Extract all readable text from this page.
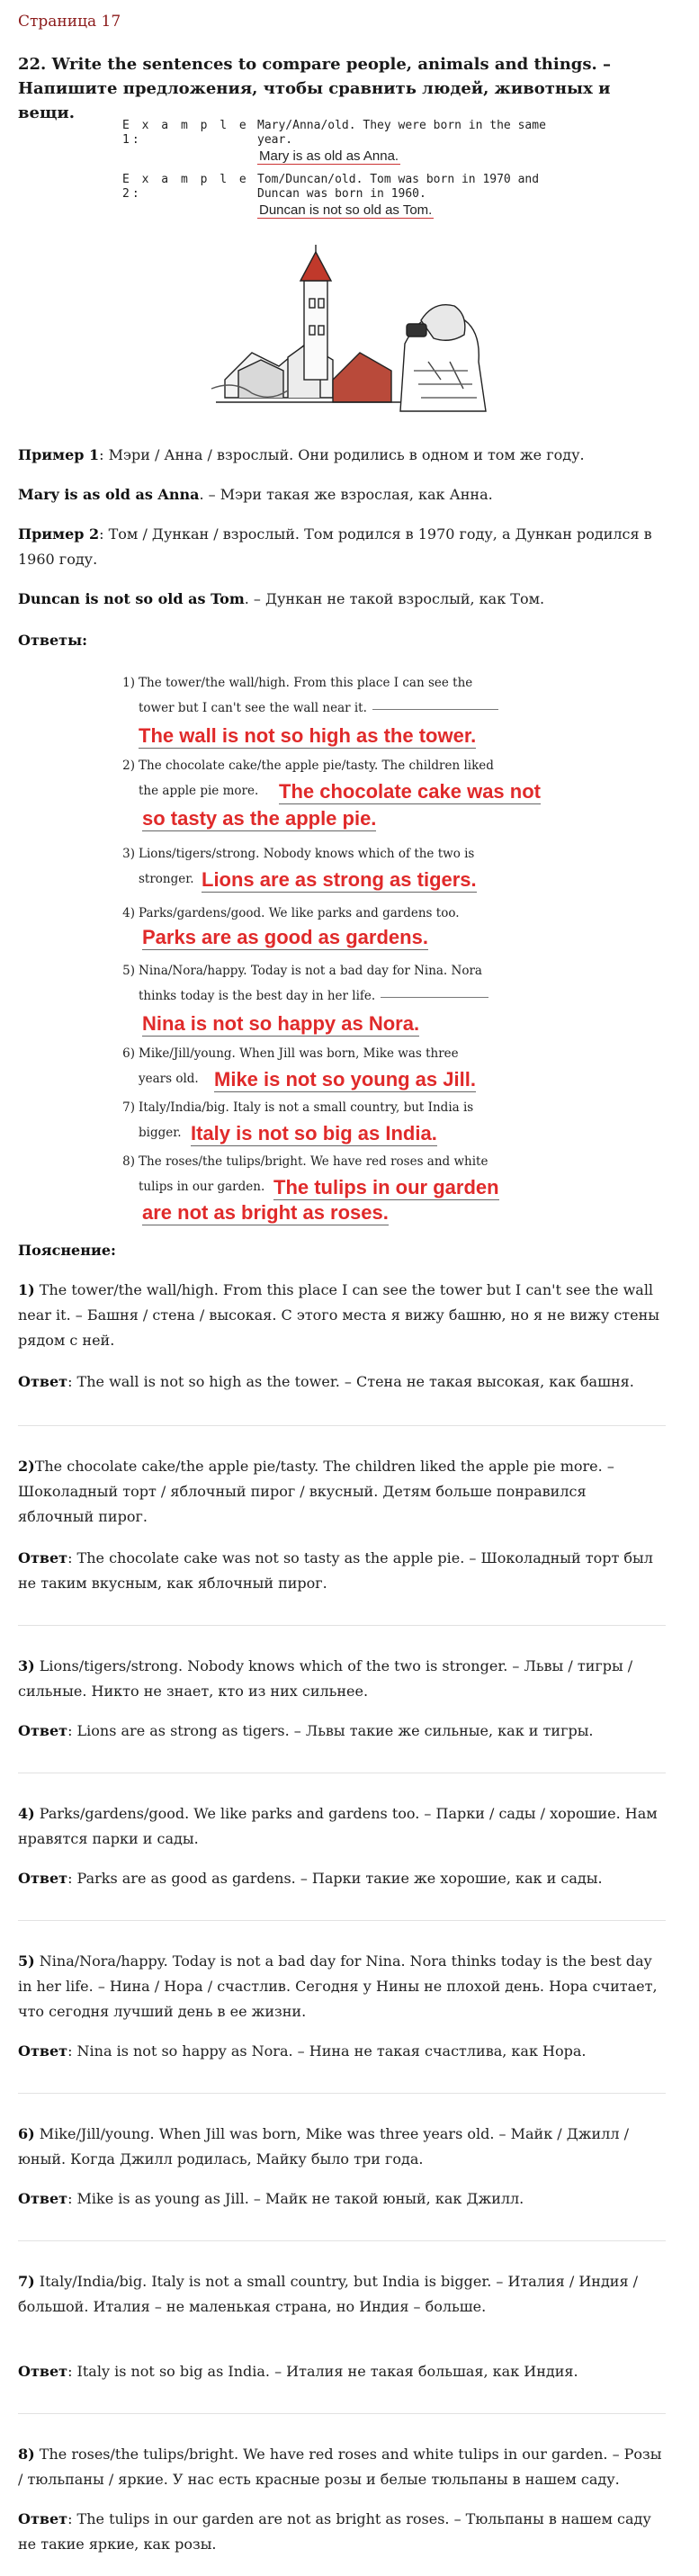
Страница 17
22. Write the sentences to compare people, animals and things. – Напишите предложения, чтобы сравнить людей, животных и вещи.
E x a m p l e 1:Mary/Anna/old. They were born in the same year.
Mary is as old as Anna.
E x a m p l e 2:Tom/Duncan/old. Tom was born in 1970 and Duncan was born in 1960.
Duncan is not so old as Tom.
Пример 1: Мэри / Анна / взрослый. Они родились в одном и том же году.
Mary is as old as Anna. – Мэри такая же взрослая, как Анна.
Пример 2: Том / Дункан / взрослый. Том родился в 1970 году, а Дункан родился в 1960 году.
Duncan is not so old as Tom. – Дункан не такой взрослый, как Том.
Ответы:
1) The tower/the wall/high. From this place I can see the
tower but I can't see the wall near it.
The wall is not so high as the tower.
2) The chocolate cake/the apple pie/tasty. The children liked
the apple pie more.	The chocolate cake was not
so tasty as the apple pie.
3) Lions/tigers/strong. Nobody knows which of the two is
stronger. Lions are as strong as tigers.
4) Parks/gardens/good. We like parks and gardens too.
Parks are as good as gardens.
5) Nina/Nora/happy. Today is not a bad day for Nina. Nora
thinks today is the best day in her life.
Nina is not so happy as Nora.
6) Mike/Jill/young. When Jill was born, Mike was three
years old. Mike is not so young as Jill.
7) Italy/India/big. Italy is not a small country, but India is
bigger. Italy is not so big as India.
8) The roses/the tulips/bright. We have red roses and white
tulips in our garden. The tulips in our garden
are not as bright as roses.
Пояснение:
1) The tower/the wall/high. From this place I can see the tower but I can't see the wall near it. – Башня / стена / высокая. С этого места я вижу башню, но я не вижу стены рядом с ней.
Ответ: The wall is not so high as the tower. – Стена не такая высокая, как башня.
2)The chocolate cake/the apple pie/tasty. The children liked the apple pie more. – Шоколадный торт / яблочный пирог / вкусный. Детям больше понравился яблочный пирог.
Ответ: The chocolate cake was not so tasty as the apple pie. – Шоколадный торт был не таким вкусным, как яблочный пирог.
3) Lions/tigers/strong. Nobody knows which of the two is stronger. – Львы / тигры / сильные. Никто не знает, кто из них сильнее.
Ответ: Lions are as strong as tigers. – Львы такие же сильные, как и тигры.
4) Parks/gardens/good. We like parks and gardens too. – Парки / сады / хорошие. Нам нравятся парки и сады.
Ответ: Parks are as good as gardens. – Парки такие же хорошие, как и сады.
5) Nina/Nora/happy. Today is not a bad day for Nina. Nora thinks today is the best day in her life. – Нина / Нора / счастлив. Сегодня у Нины не плохой день. Нора считает, что сегодня лучший день в ее жизни.
Ответ: Nina is not so happy as Nora. – Нина не такая счастлива, как Нора.
6) Mike/Jill/young. When Jill was born, Mike was three years old. – Майк / Джилл / юный. Когда Джилл родилась, Майку было три года.
Ответ: Mike is as young as Jill. – Майк не такой юный, как Джилл.
7) Italy/India/big. Italy is not a small country, but India is bigger. – Италия / Индия / большой. Италия – не маленькая страна, но Индия – больше.
Ответ: Italy is not so big as India. – Италия не такая большая, как Индия.
8) The roses/the tulips/bright. We have red roses and white tulips in our garden. – Розы / тюльпаны / яркие. У нас есть красные розы и белые тюльпаны в нашем саду.
Ответ: The tulips in our garden are not as bright as roses. – Тюльпаны в нашем саду не такие яркие, как розы.
